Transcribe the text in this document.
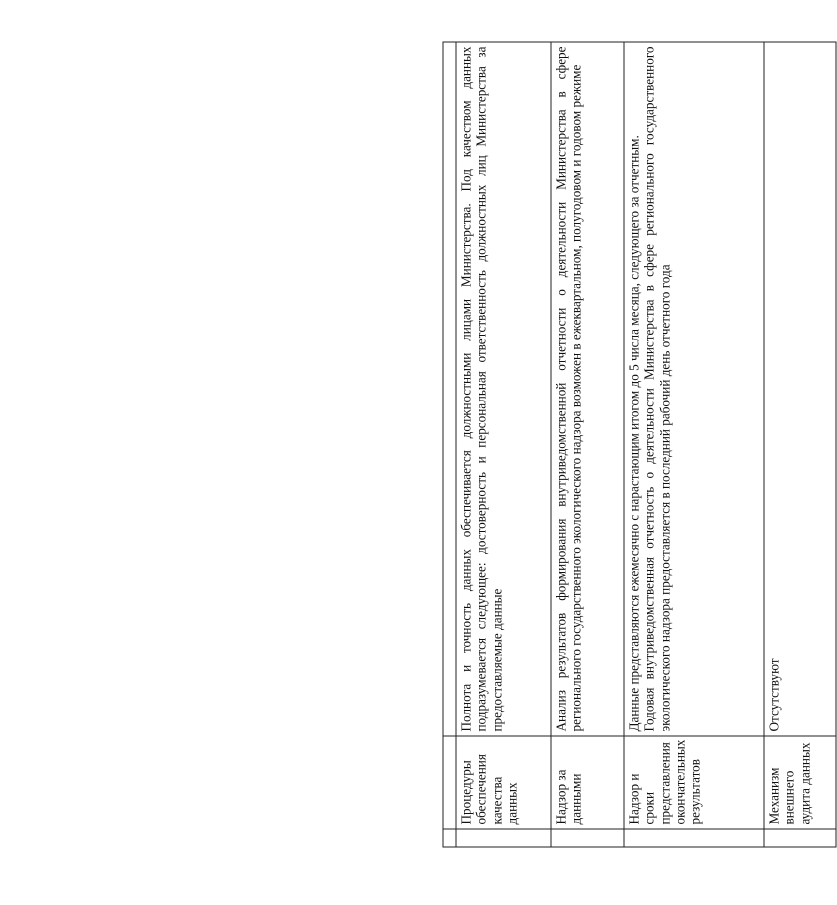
	Процедуры обеспечения качества данных	Полнота и точность данных обеспечивается должностными лицами Министерства. Под качеством данных подразумевается следующее: достоверность и персональная ответственность должностных лиц Министерства за предоставляемые данные
	Надзор за данными	Анализ результатов формирования внутриведомственной отчетности о деятельности Министерства в сфере регионального государственного экологического надзора возможен в ежеквартальном, полугодовом и годовом режиме
	Надзор и сроки представления окончательных результатов	Данные представляются ежемесячно с нарастающим итогом до 5 числа месяца, следующего за отчетным. Годовая внутриведомственная отчетность о деятельности Министерства в сфере регионального государственного экологического надзора предоставляется в последний рабочий день отчетного года

	Механизм внешнего аудита данных	Отсутствуют
